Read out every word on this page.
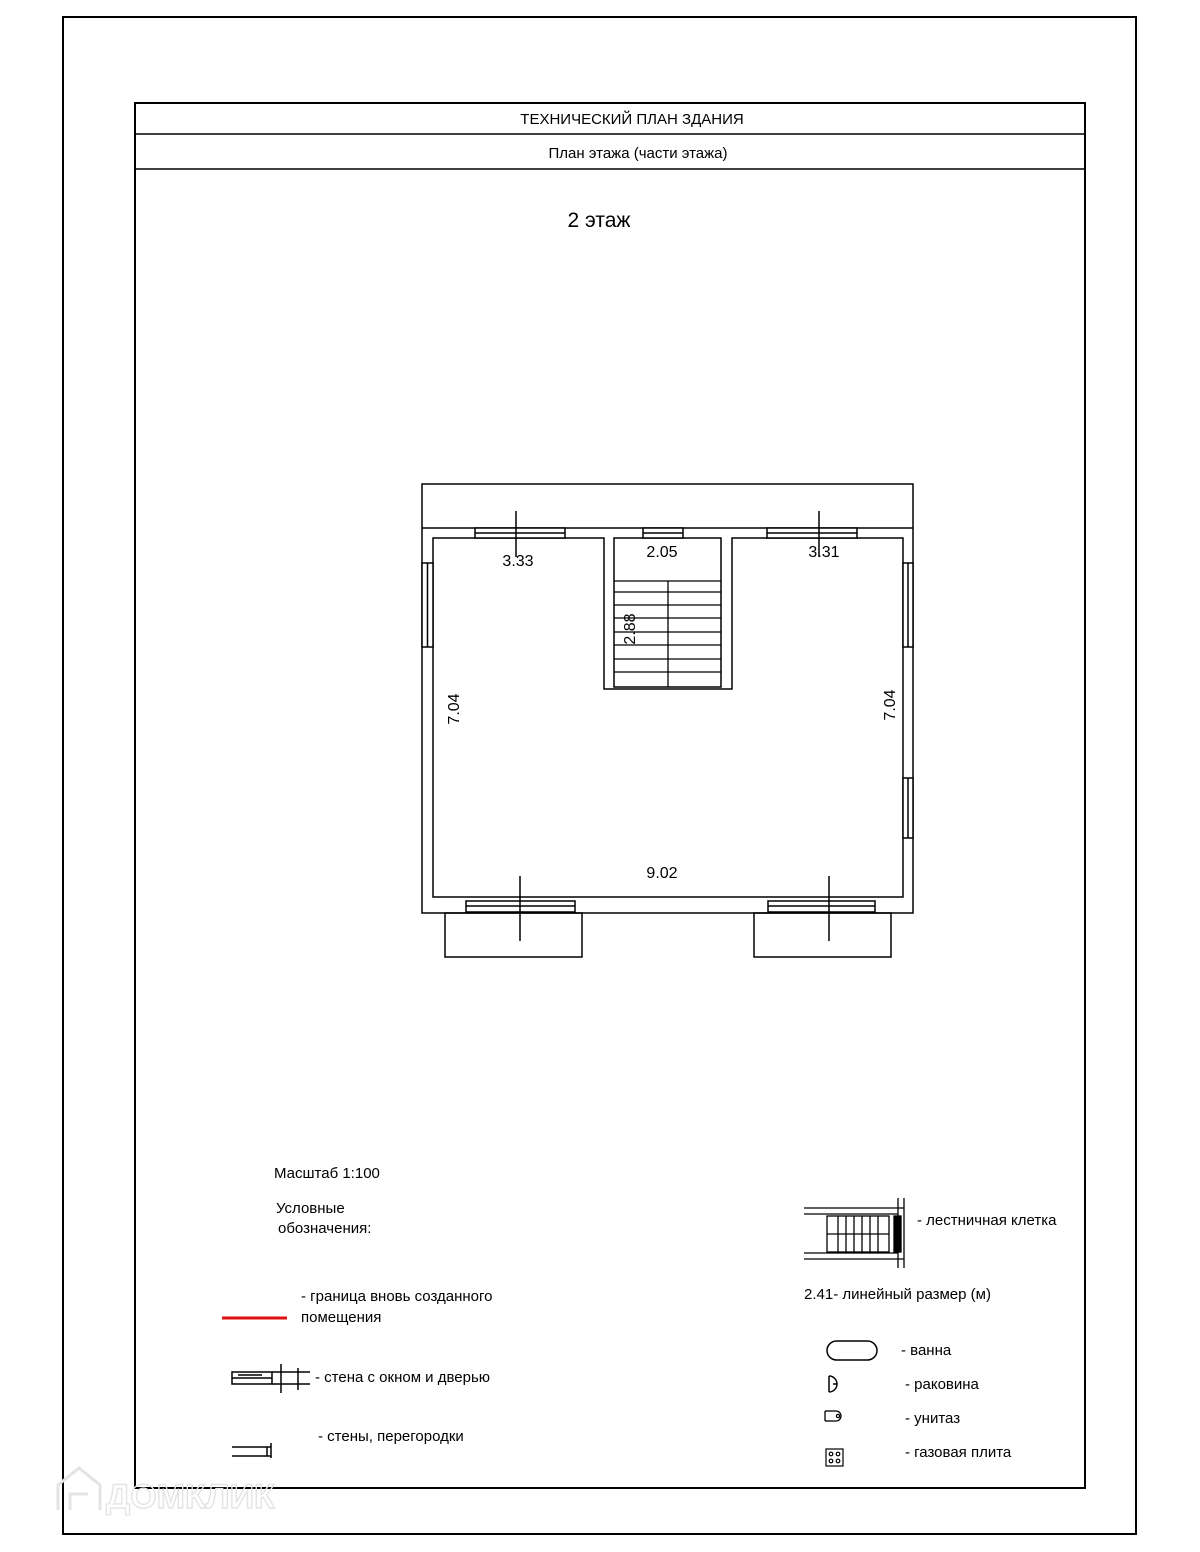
ТЕХНИЧЕСКИЙ ПЛАН ЗДАНИЯ
План этажа (части этажа)
2 этаж
3.33
2.05	3.31
2.88
7.04	7.04
9.02
Масштаб 1:100
Условные
обозначения:
- граница вновь созданного
помещения
- стена с окном и дверью
- стены, перегородки
- лестничная клетка
2.41- линейный размер (м)
- ванна
- раковина
- унитаз
- газовая плита
ДОМКЛИК
